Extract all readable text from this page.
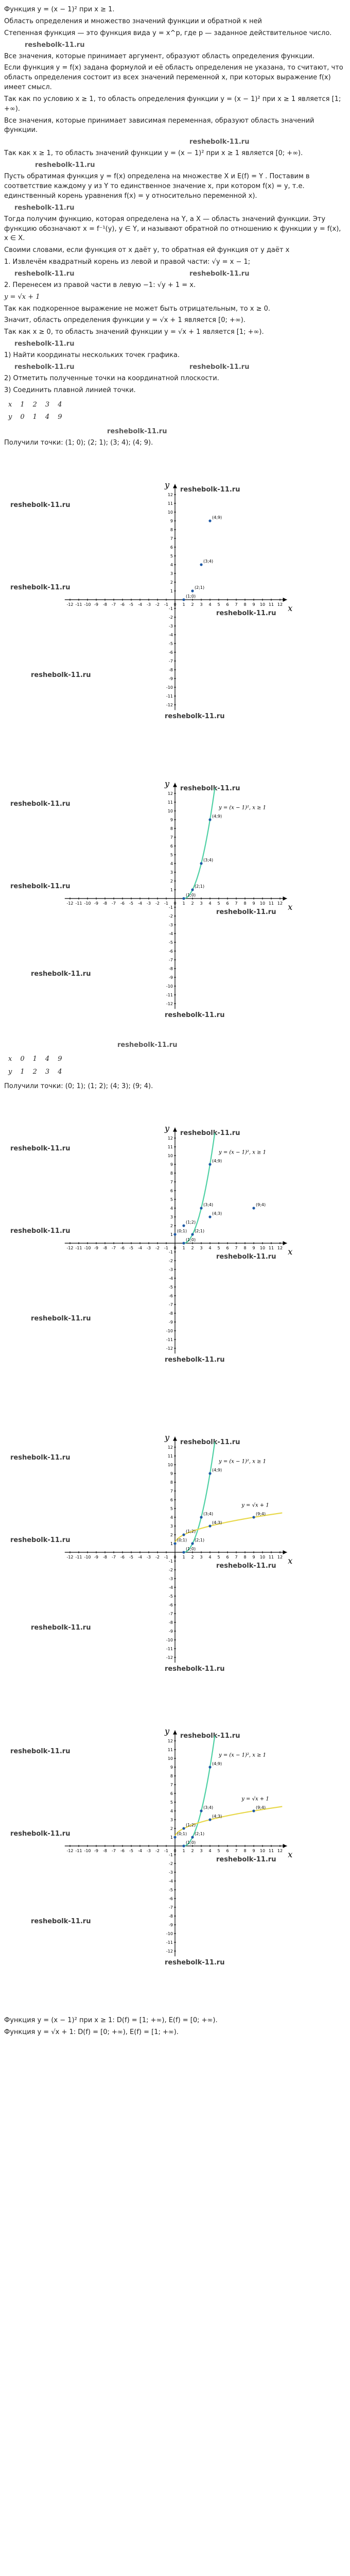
Функция y = (x − 1)² при x ≥ 1.

Область определения и множество значений функции и обратной к ней

Степенная функция — это функция вида y = x^p, где p — заданное действительное число.

reshebolk-11.ru

Все значения, которые принимает аргумент, образуют область определения функции.

Если функция y = f(x) задана формулой и её область определения не указана, то считают, что область определения состоит из всех значений переменной x, при которых выражение f(x) имеет смысл.

Так как по условию x ≥ 1, то область определения функции y = (x − 1)² при x ≥ 1 является [1; +∞).

Все значения, которые принимает зависимая переменная, образуют область значений функции.

reshebolk-11.ru

Так как x ≥ 1, то область значений функции y = (x − 1)² при x ≥ 1 является [0; +∞).

reshebolk-11.ru

Пусть обратимая функция y = f(x) определена на множестве X и E(f) = Y . Поставим в соответствие каждому y из Y то единственное значение x, при котором f(x) = y, т.е. единственный корень уравнения f(x) = y относительно переменной x).

reshebolk-11.ru

Тогда получим функцию, которая определена на Y, а X — область значений функции. Эту функцию обозначают x = f⁻¹(y), y ∈ Y, и называют обратной по отношению к функции y = f(x), x ∈ X.

Своими словами, если функция от x даёт y, то обратная ей функция от y даёт x

1. Извлечём квадратный корень из левой и правой части: √y = x − 1;

reshebolk-11.ru	reshebolk-11.ru

2. Перенесем из правой части в левую −1: √y + 1 = x.

y = √x + 1

Так как подкоренное выражение не может быть отрицательным, то x ≥ 0.

Значит, область определения функции y = √x + 1 является [0; +∞).

Так как x ≥ 0, то область значений функции y = √x + 1 является [1; +∞).

reshebolk-11.ru

1) Найти координаты нескольких точек графика.

reshebolk-11.ru	reshebolk-11.ru

2) Отметить полученные точки на координатной плоскости.

3) Соединить плавной линией точки.

x	1	2	3	4
y	0	1	4	9
reshebolk-11.ru

Получили точки: (1; 0); (2; 1); (3; 4); (4; 9).

reshebolk-11.ru
reshebolk-11.ru
reshebolk-11.ru
reshebolk-11.ru
reshebolk-11.ru
reshebolk-11.ru
x
y
-12 -11 -10 -9 -8 -7 -6 -5 -4 -3 -2 -1 0 1 2 3 4 5 6 7 8 9 10 11 12
-12
-11
-10
-9
-8
-7
-6
-5
-4
-3
-2
-1
1
2
3
4
5
6
7
8
9
10
11
12
(1;0)
(2;1)
(3;4)
(4;9)
reshebolk-11.ru
reshebolk-11.ru
reshebolk-11.ru
reshebolk-11.ru
reshebolk-11.ru
reshebolk-11.ru
x
y
-12 -11 -10 -9 -8 -7 -6 -5 -4 -3 -2 -1 0 1 2 3 4 5 6 7 8 9 10 11 12
-12
-11
-10
-9
-8
-7
-6
-5
-4
-3
-2
-1
1
2
3
4
5
6
7
8
9
10
11
12
y = (x − 1)², x ≥ 1
(1;0)
(2;1)
(3;4)
(4;9)
reshebolk-11.ru
x	0	1	4	9
y	1	2	3	4

Получили точки: (0; 1); (1; 2); (4; 3); (9; 4).

reshebolk-11.ru
reshebolk-11.ru
reshebolk-11.ru
reshebolk-11.ru
reshebolk-11.ru
reshebolk-11.ru
x
y
-12 -11 -10 -9 -8 -7 -6 -5 -4 -3 -2 -1 0 1 2 3 4 5 6 7 8 9 10 11 12
-12
-11
-10
-9
-8
-7
-6
-5
-4
-3
-2
-1
1
2
3
4
5
6
7
8
9
10
11
12
y = (x − 1)², x ≥ 1
(1;0)
(2;1)
(3;4)
(4;9)
(0;1)
(1;2)
(4;3)
(9;4)
reshebolk-11.ru
reshebolk-11.ru
reshebolk-11.ru
reshebolk-11.ru
reshebolk-11.ru
reshebolk-11.ru
x
y
-12 -11 -10 -9 -8 -7 -6 -5 -4 -3 -2 -1 0 1 2 3 4 5 6 7 8 9 10 11 12
-12
-11
-10
-9
-8
-7
-6
-5
-4
-3
-2
-1
1
2
3
4
5
6
7
8
9
10
11
12
y = (x − 1)², x ≥ 1
y = √x + 1
(1;0)
(2;1)
(3;4)
(4;9)
(0;1)
(1;2)
(4;3)
(9;4)
reshebolk-11.ru
reshebolk-11.ru
reshebolk-11.ru
reshebolk-11.ru
reshebolk-11.ru
reshebolk-11.ru
x
y
-12 -11 -10 -9 -8 -7 -6 -5 -4 -3 -2 -1 0 1 2 3 4 5 6 7 8 9 10 11 12
-12
-11
-10
-9
-8
-7
-6
-5
-4
-3
-2
-1
1
2
3
4
5
6
7
8
9
10
11
12
y = (x − 1)², x ≥ 1
y = √x + 1
(1;0)
(2;1)
(3;4)
(4;9)
(0;1)
(1;2)
(4;3)
(9;4)

Функция y = (x − 1)² при x ≥ 1: D(f) = [1; +∞), E(f) = [0; +∞).

Функция y = √x + 1: D(f) = [0; +∞), E(f) = [1; +∞).
